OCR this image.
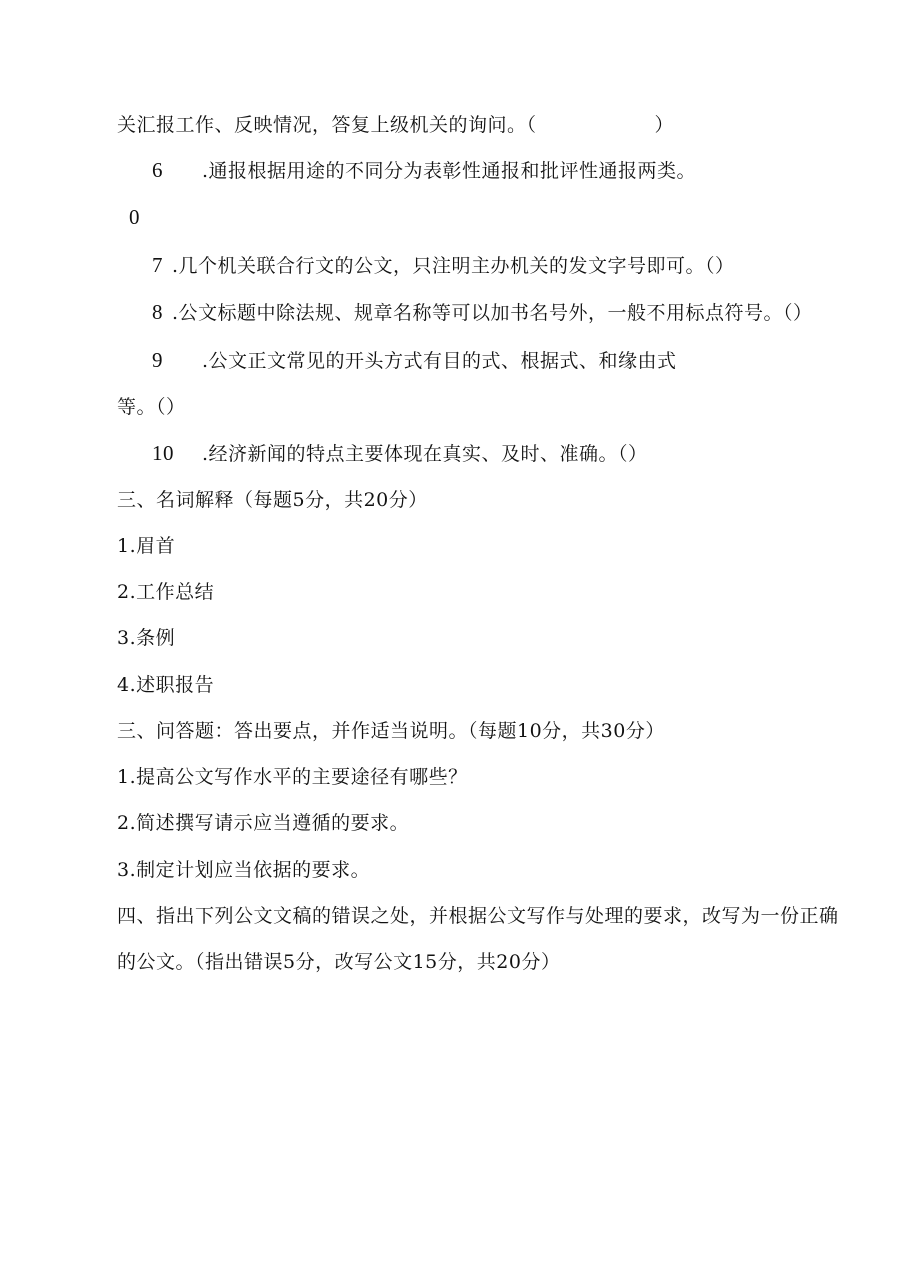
关汇报工作、反映情况，答复上级机关的询问。（	）
6 .通报根据用途的不同分为表彰性通报和批评性通报两类。
0
7 .几个机关联合行文的公文，只注明主办机关的发文字号即可。（）
8 .公文标题中除法规、规章名称等可以加书名号外，一般不用标点符号。（）
9 .公文正文常见的开头方式有目的式、根据式、和缘由式
等。（）
10 .经济新闻的特点主要体现在真实、及时、准确。（）
三、名词解释（每题5分，共20分）
1.眉首
2.工作总结
3.条例
4.述职报告
三、问答题：答出要点，并作适当说明。（每题10分，共30分）
1.提高公文写作水平的主要途径有哪些？
2.简述撰写请示应当遵循的要求。
3.制定计划应当依据的要求。
四、指出下列公文文稿的错误之处，并根据公文写作与处理的要求，改写为一份正确
的公文。（指出错误5分，改写公文15分，共20分）
